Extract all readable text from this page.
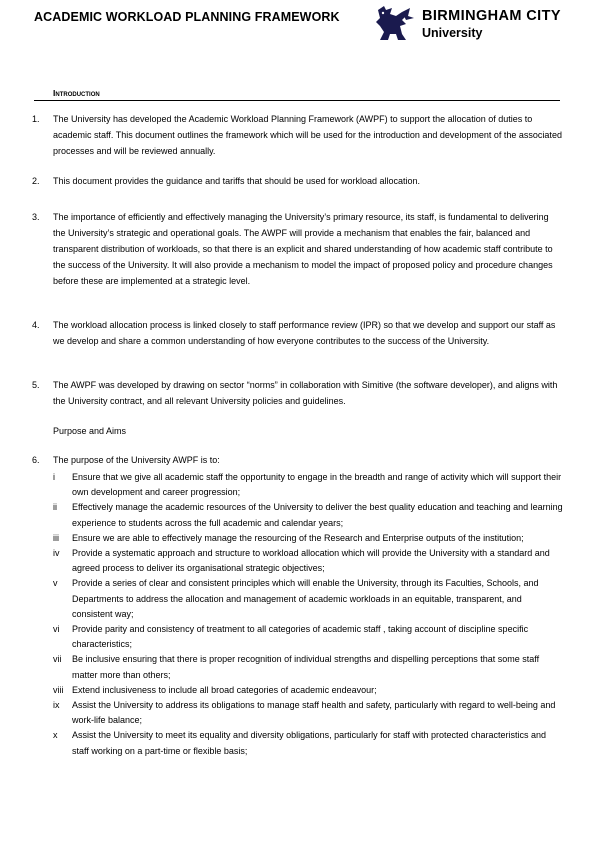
ACADEMIC WORKLOAD PLANNING FRAMEWORK	BIRMINGHAM CITY
University
Introduction
1.	The University has developed the Academic Workload Planning Framework (AWPF) to support the allocation of duties to academic staff. This document outlines the framework which will be used for the introduction and development of the associated processes and will be reviewed annually.
2.	This document provides the guidance and tariffs that should be used for workload allocation.
3.	The importance of efficiently and effectively managing the University’s primary resource, its staff, is fundamental to delivering the University’s strategic and operational goals. The AWPF will provide a mechanism that enables the fair, balanced and transparent distribution of workloads, so that there is an explicit and shared understanding of how academic staff contribute to the success of the University. It will also provide a mechanism to model the impact of proposed policy and procedure changes before these are implemented at a strategic level.
4.	The workload allocation process is linked closely to staff performance review (IPR) so that we develop and support our staff as we develop and share a common understanding of how everyone contributes to the success of the University.
5.	The AWPF was developed by drawing on sector “norms” in collaboration with Simitive (the software developer), and aligns with the University contract, and all relevant University policies and guidelines.
Purpose and Aims
6.	The purpose of the University AWPF is to:
i	Ensure that we give all academic staff the opportunity to engage in the breadth and range of activity which will support their own development and career progression;
ii	Effectively manage the academic resources of the University to deliver the best quality education and teaching and learning experience to students across the full academic and calendar years;
iii	Ensure we are able to effectively manage the resourcing of the Research and Enterprise outputs of the institution;
iv	Provide a systematic approach and structure to workload allocation which will provide the University with a standard and agreed process to deliver its organisational strategic objectives;
v	Provide a series of clear and consistent principles which will enable the University, through its Faculties, Schools, and Departments to address the allocation and management of academic workloads in an equitable, transparent, and consistent way;
vi	Provide parity and consistency of treatment to all categories of academic staff , taking account of discipline specific characteristics;
vii	Be inclusive ensuring that there is proper recognition of individual strengths and dispelling perceptions that some staff matter more than others;
viii Extend inclusiveness to include all broad categories of academic endeavour;
ix	Assist the University to address its obligations to manage staff health and safety, particularly with regard to well-being and work-life balance;
x	Assist the University to meet its equality and diversity obligations, particularly for staff with protected characteristics and staff working on a part-time or flexible basis;
